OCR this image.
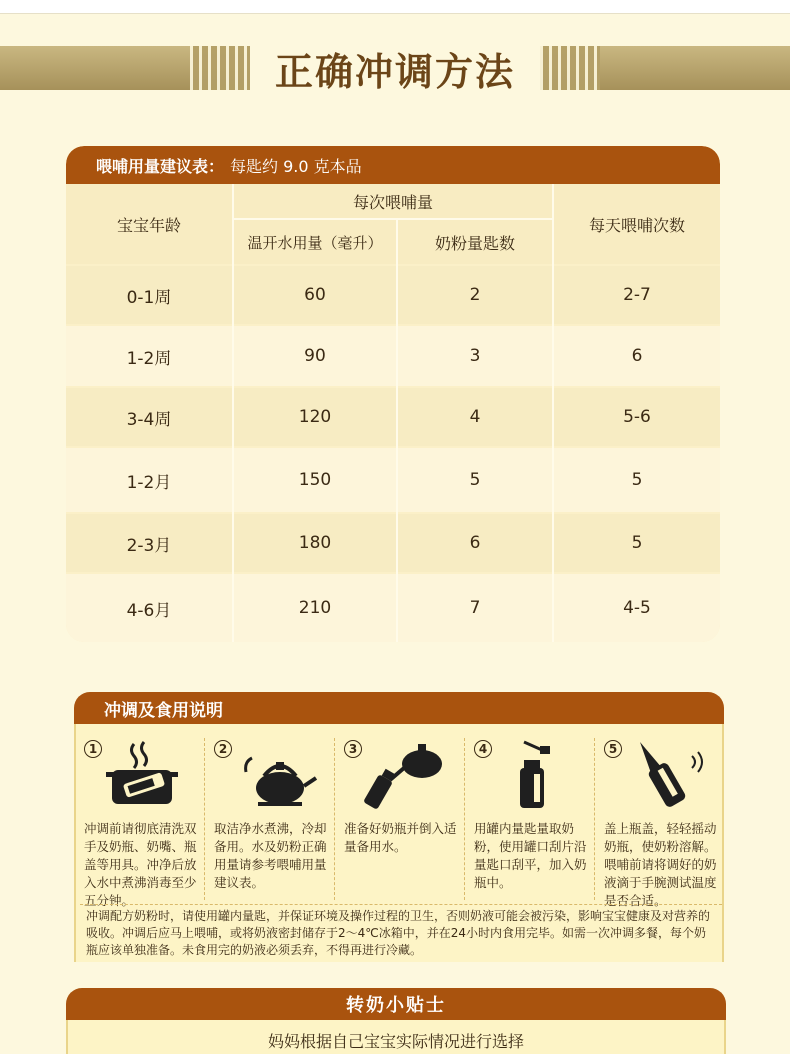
正确冲调方法
喂哺用量建议表： 每匙约 9.0 克本品
宝宝年龄
每次喂哺量
温开水用量（毫升）	奶粉量匙数
每天喂哺次数
0-1周	60	2	2-7
1-2周	90	3	6
3-4周	120	4	5-6
1-2月	150	5	5
2-3月	180	6	5
4-6月	210	7	4-5
冲调及食用说明
1
冲调前请彻底清洗双手及奶瓶、奶嘴、瓶盖等用具。冲净后放入水中煮沸消毒至少五分钟。
2
取洁净水煮沸，冷却备用。水及奶粉正确用量请参考喂哺用量建议表。
3
准备好奶瓶并倒入适量备用水。
4
用罐内量匙量取奶粉，使用罐口刮片沿量匙口刮平，加入奶瓶中。
5
盖上瓶盖，轻轻摇动奶瓶，使奶粉溶解。喂哺前请将调好的奶液滴于手腕测试温度是否合适。
冲调配方奶粉时，请使用罐内量匙，并保证环境及操作过程的卫生，否则奶液可能会被污染，影响宝宝健康及对营养的吸收。冲调后应马上喂哺，或将奶液密封储存于2～4℃冰箱中，并在24小时内食用完毕。如需一次冲调多餐，每个奶瓶应该单独准备。未食用完的奶液必须丢弃，不得再进行冷藏。
转奶小贴士
妈妈根据自己宝宝实际情况进行选择
